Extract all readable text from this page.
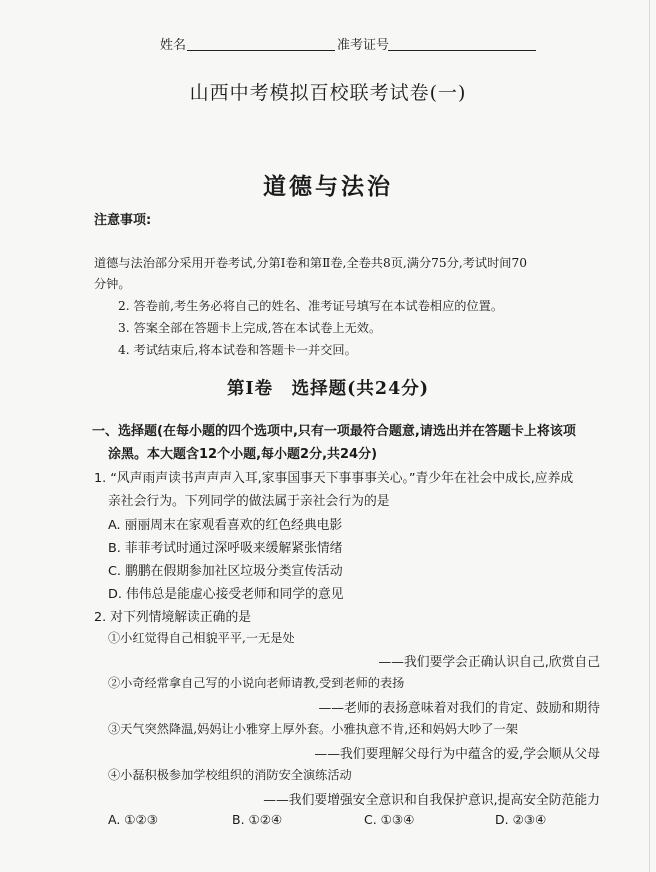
姓名	准考证号
山西中考模拟百校联考试卷(一)
道德与法治
注意事项:
道德与法治部分采用开卷考试,分第Ⅰ卷和第Ⅱ卷,全卷共8页,满分75分,考试时间70
分钟。
2. 答卷前,考生务必将自己的姓名、准考证号填写在本试卷相应的位置。
3. 答案全部在答题卡上完成,答在本试卷上无效。
4. 考试结束后,将本试卷和答题卡一并交回。
第Ⅰ卷　选择题(共24分)
一、选择题(在每小题的四个选项中,只有一项最符合题意,请选出并在答题卡上将该项
涂黑。本大题含12个小题,每小题2分,共24分)
1. “风声雨声读书声声声入耳,家事国事天下事事事关心。”青少年在社会中成长,应养成
亲社会行为。下列同学的做法属于亲社会行为的是
A. 丽丽周末在家观看喜欢的红色经典电影
B. 菲菲考试时通过深呼吸来缓解紧张情绪
C. 鹏鹏在假期参加社区垃圾分类宣传活动
D. 伟伟总是能虚心接受老师和同学的意见
2. 对下列情境解读正确的是
①小红觉得自己相貌平平,一无是处
——我们要学会正确认识自己,欣赏自己
②小奇经常拿自己写的小说向老师请教,受到老师的表扬
——老师的表扬意味着对我们的肯定、鼓励和期待
③天气突然降温,妈妈让小雅穿上厚外套。小雅执意不肯,还和妈妈大吵了一架
——我们要理解父母行为中蕴含的爱,学会顺从父母
④小磊积极参加学校组织的消防安全演练活动
——我们要增强安全意识和自我保护意识,提高安全防范能力
A. ①②③	B. ①②④	C. ①③④	D. ②③④
